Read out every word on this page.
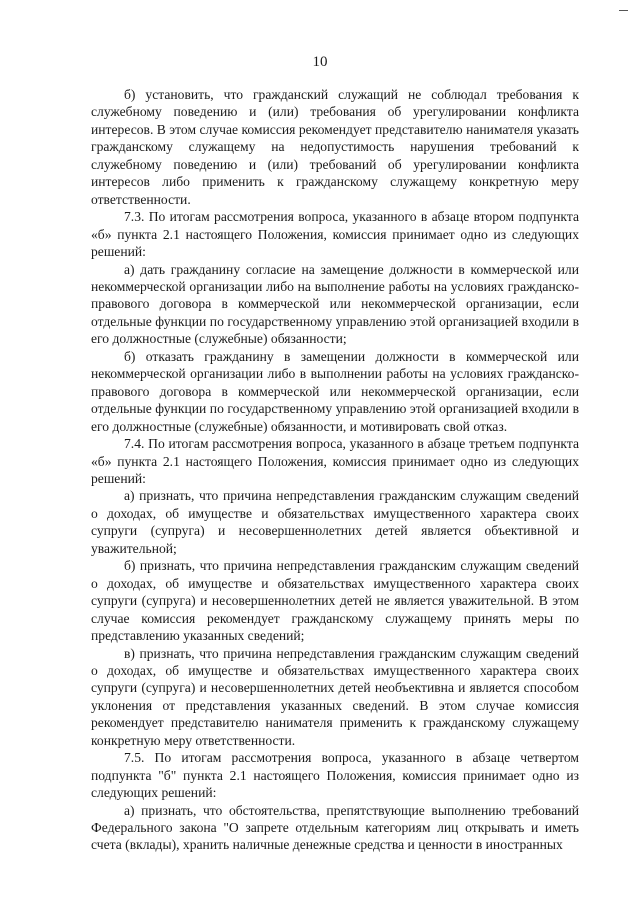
10

б) установить, что гражданский служащий не соблюдал требования к служебному поведению и (или) требования об урегулировании конфликта интересов. В этом случае комиссия рекомендует представителю нанимателя указать гражданскому служащему на недопустимость нарушения требований к служебному поведению и (или) требований об урегулировании конфликта интересов либо применить к гражданскому служащему конкретную меру ответственности.

7.3. По итогам рассмотрения вопроса, указанного в абзаце втором подпункта «б» пункта 2.1 настоящего Положения, комиссия принимает одно из следующих решений:

а) дать гражданину согласие на замещение должности в коммерческой или некоммерческой организации либо на выполнение работы на условиях гражданско-правового договора в коммерческой или некоммерческой организации, если отдельные функции по государственному управлению этой организацией входили в его должностные (служебные) обязанности;

б) отказать гражданину в замещении должности в коммерческой или некоммерческой организации либо в выполнении работы на условиях гражданско-правового договора в коммерческой или некоммерческой организации, если отдельные функции по государственному управлению этой организацией входили в его должностные (служебные) обязанности, и мотивировать свой отказ.

7.4. По итогам рассмотрения вопроса, указанного в абзаце третьем подпункта «б» пункта 2.1 настоящего Положения, комиссия принимает одно из следующих решений:

а) признать, что причина непредставления гражданским служащим сведений о доходах, об имуществе и обязательствах имущественного характера своих супруги (супруга) и несовершеннолетних детей является объективной и уважительной;

б) признать, что причина непредставления гражданским служащим сведений о доходах, об имуществе и обязательствах имущественного характера своих супруги (супруга) и несовершеннолетних детей не является уважительной. В этом случае комиссия рекомендует гражданскому служащему принять меры по представлению указанных сведений;

в) признать, что причина непредставления гражданским служащим сведений о доходах, об имуществе и обязательствах имущественного характера своих супруги (супруга) и несовершеннолетних детей необъективна и является способом уклонения от представления указанных сведений. В этом случае комиссия рекомендует представителю нанимателя применить к гражданскому служащему конкретную меру ответственности.

7.5. По итогам рассмотрения вопроса, указанного в абзаце четвертом подпункта "б" пункта 2.1 настоящего Положения, комиссия принимает одно из следующих решений:

а) признать, что обстоятельства, препятствующие выполнению требований Федерального закона "О запрете отдельным категориям лиц открывать и иметь счета (вклады), хранить наличные денежные средства и ценности в иностранных
